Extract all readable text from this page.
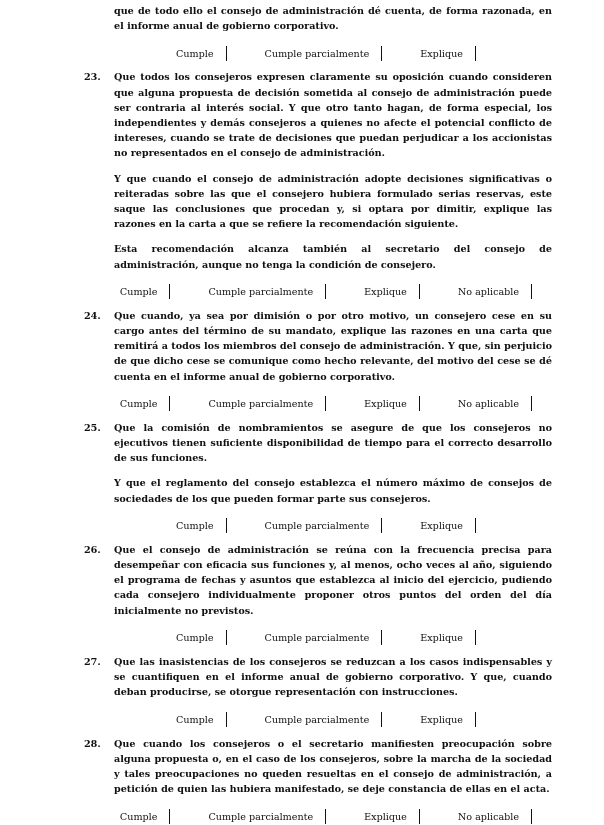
que de todo ello el consejo de administración dé cuenta, de forma razonada, en el informe anual de gobierno corporativo.

Cumple	Cumple parcialmente	Explique
23. Que todos los consejeros expresen claramente su oposición cuando consideren que alguna propuesta de decisión sometida al consejo de administración puede ser contraria al interés social. Y que otro tanto hagan, de forma especial, los independientes y demás consejeros a quienes no afecte el potencial conflicto de intereses, cuando se trate de decisiones que puedan perjudicar a los accionistas no representados en el consejo de administración.

Y que cuando el consejo de administración adopte decisiones significativas o reiteradas sobre las que el consejero hubiera formulado serias reservas, este saque las conclusiones que procedan y, si optara por dimitir, explique las razones en la carta a que se refiere la recomendación siguiente.

Esta recomendación alcanza también al secretario del consejo de administración, aunque no tenga la condición de consejero.

Cumple	Cumple parcialmente	Explique	No aplicable
24. Que cuando, ya sea por dimisión o por otro motivo, un consejero cese en su cargo antes del término de su mandato, explique las razones en una carta que remitirá a todos los miembros del consejo de administración. Y que, sin perjuicio de que dicho cese se comunique como hecho relevante, del motivo del cese se dé cuenta en el informe anual de gobierno corporativo.

Cumple	Cumple parcialmente	Explique	No aplicable
25. Que la comisión de nombramientos se asegure de que los consejeros no ejecutivos tienen suficiente disponibilidad de tiempo para el correcto desarrollo de sus funciones.

Y que el reglamento del consejo establezca el número máximo de consejos de sociedades de los que pueden formar parte sus consejeros.

Cumple	Cumple parcialmente	Explique
26. Que el consejo de administración se reúna con la frecuencia precisa para desempeñar con eficacia sus funciones y, al menos, ocho veces al año, siguiendo el programa de fechas y asuntos que establezca al inicio del ejercicio, pudiendo cada consejero individualmente proponer otros puntos del orden del día inicialmente no previstos.

Cumple	Cumple parcialmente	Explique
27. Que las inasistencias de los consejeros se reduzcan a los casos indispensables y se cuantifiquen en el informe anual de gobierno corporativo. Y que, cuando deban producirse, se otorgue representación con instrucciones.

Cumple	Cumple parcialmente	Explique
28. Que cuando los consejeros o el secretario manifiesten preocupación sobre alguna propuesta o, en el caso de los consejeros, sobre la marcha de la sociedad y tales preocupaciones no queden resueltas en el consejo de administración, a petición de quien las hubiera manifestado, se deje constancia de ellas en el acta.

Cumple	Cumple parcialmente	Explique	No aplicable
